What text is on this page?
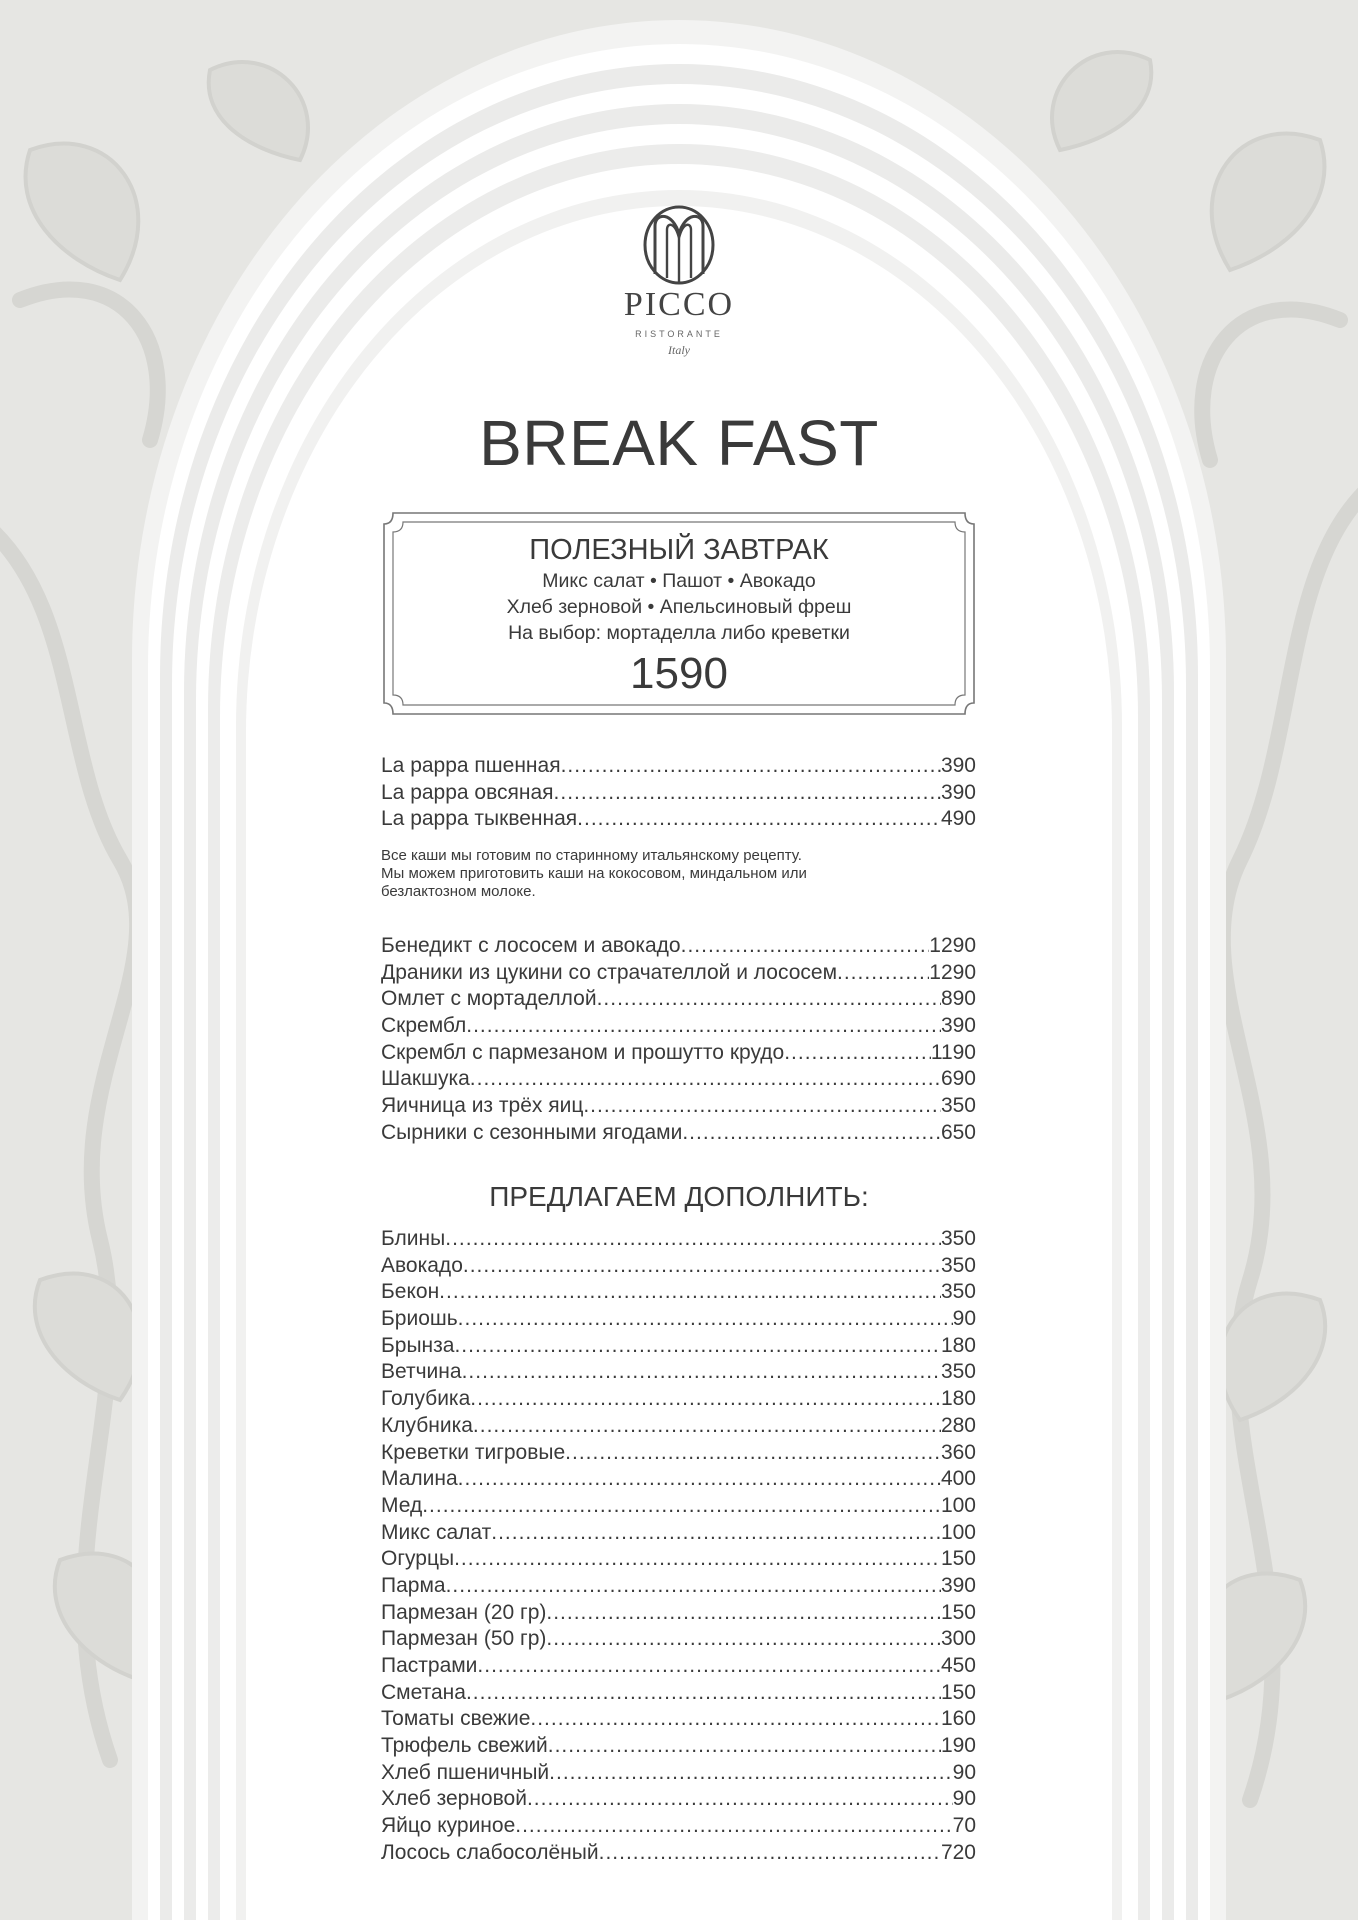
PICCO
RISTORANTE
Italy
BREAK FAST
ПОЛЕЗНЫЙ ЗАВТРАК
Микс салат • Пашот • Авокадо
Хлеб зерновой • Апельсиновый фреш
На выбор: мортаделла либо креветки
1590
La pappa пшенная .....	390
La pappa овсяная .....	390
La pappa тыквенная .....	490

Все каши мы готовим по старинному итальянскому рецепту.
Мы можем приготовить каши на кокосовом, миндальном или
безлактозном молоке.

Бенедикт с лососем и авокадо .....	1290
Драники из цукини со страчателлой и лососем .....	1290
Омлет с мортаделлой .....	890
Скрембл .....	390
Скрембл с пармезаном и прошутто крудо .....	1190
Шакшука .....	690
Яичница из трёх яиц .....	350
Сырники с сезонными ягодами .....	650
ПРЕДЛАГАЕМ ДОПОЛНИТЬ:
Блины .....	350
Авокадо .....	350
Бекон .....	350
Бриошь .....	90
Брынза .....	180
Ветчина .....	350
Голубика .....	180
Клубника .....	280
Креветки тигровые .....	360
Малина .....	400
Мед .....	100
Микс салат .....	100
Огурцы .....	150
Парма .....	390
Пармезан (20 гр) .....	150
Пармезан (50 гр) .....	300
Пастрами .....	450
Сметана .....	150
Томаты свежие .....	160
Трюфель свежий .....	190
Хлеб пшеничный .....	90
Хлеб зерновой .....	90
Яйцо куриное .....	70
Лосось слабосолёный .....	720
